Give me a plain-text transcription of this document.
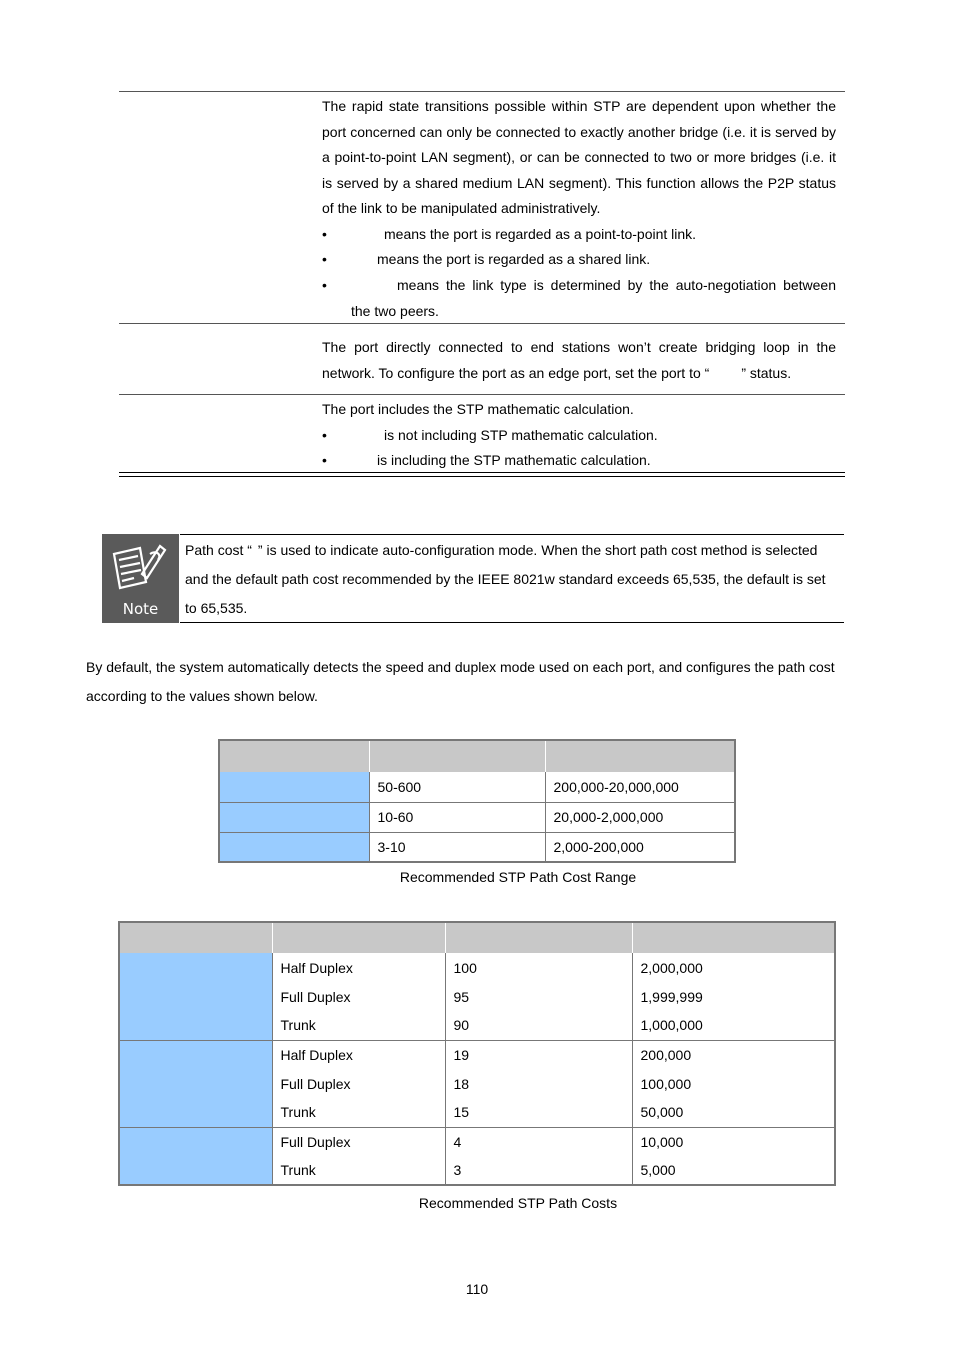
The rapid state transitions possible within STP are dependent upon whether the port concerned can only be connected to exactly another bridge (i.e. it is served by a point-to-point LAN segment), or can be connected to two or more bridges (i.e. it is served by a shared medium LAN segment). This function allows the P2P status of the link to be manipulated administratively.
•	means the port is regarded as a point-to-point link.
•	means the port is regarded as a shared link.
•	means the link type is determined by the auto-negotiation between
the two peers.
The port directly connected to end stations won’t create bridging loop in the
network. To configure the port as an edge port, set the port to “ ” status.
The port includes the STP mathematic calculation.
•	is not including STP mathematic calculation.
•	is including the STP mathematic calculation.
Note
Path cost “ ” is used to indicate auto-configuration mode. When the short path cost method is selected
and the default path cost recommended by the IEEE 8021w standard exceeds 65,535, the default is set
to 65,535.
By default, the system automatically detects the speed and duplex mode used on each port, and configures the path cost
according to the values shown below.

	50-600	200,000-20,000,000
	10-60	20,000-2,000,000
	3-10	2,000-200,000
Recommended STP Path Cost Range

	Half Duplex	100	2,000,000
	Full Duplex	95	1,999,999
	Trunk	90	1,000,000
	Half Duplex	19	200,000
	Full Duplex	18	100,000
	Trunk	15	50,000
	Full Duplex	4	10,000
	Trunk	3	5,000
Recommended STP Path Costs
110
